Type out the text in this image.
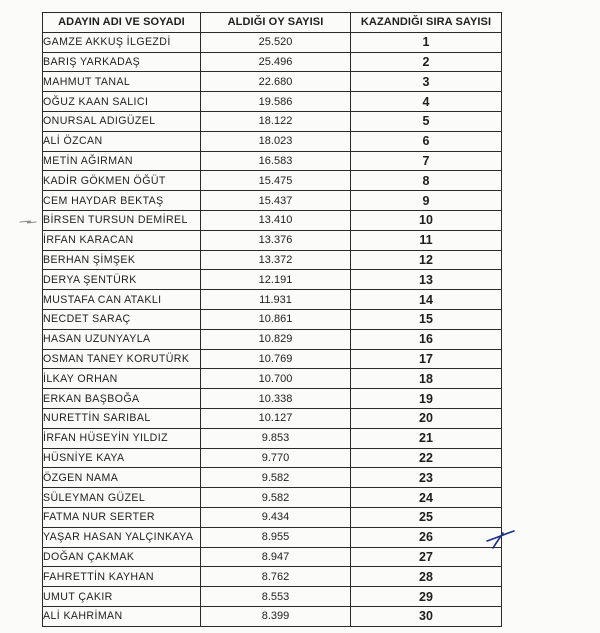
ADAYIN ADI VE SOYADI	ALDIĞI OY SAYISI	KAZANDIĞI SIRA SAYISI
GAMZE AKKUŞ İLGEZDİ	25.520	1
BARIŞ YARKADAŞ	25.496	2
MAHMUT TANAL	22.680	3
OĞUZ KAAN SALICI	19.586	4
ONURSAL ADIGÜZEL	18.122	5
ALİ ÖZCAN	18.023	6
METİN AĞIRMAN	16.583	7
KADİR GÖKMEN ÖĞÜT	15.475	8
CEM HAYDAR BEKTAŞ	15.437	9
BİRSEN TURSUN DEMİREL	13.410	10
İRFAN KARACAN	13.376	11
BERHAN ŞİMŞEK	13.372	12
DERYA ŞENTÜRK	12.191	13
MUSTAFA CAN ATAKLI	11.931	14
NECDET SARAÇ	10.861	15
HASAN UZUNYAYLA	10.829	16
OSMAN TANEY KORUTÜRK	10.769	17
İLKAY ORHAN	10.700	18
ERKAN BAŞBOĞA	10.338	19
NURETTİN SARIBAL	10.127	20
İRFAN HÜSEYİN YILDIZ	9.853	21
HÜSNİYE KAYA	9.770	22
ÖZGEN NAMA	9.582	23
SÜLEYMAN GÜZEL	9.582	24
FATMA NUR SERTER	9.434	25
YAŞAR HASAN YALÇINKAYA	8.955	26
DOĞAN ÇAKMAK	8.947	27
FAHRETTİN KAYHAN	8.762	28
UMUT ÇAKIR	8.553	29
ALİ KAHRİMAN	8.399	30
